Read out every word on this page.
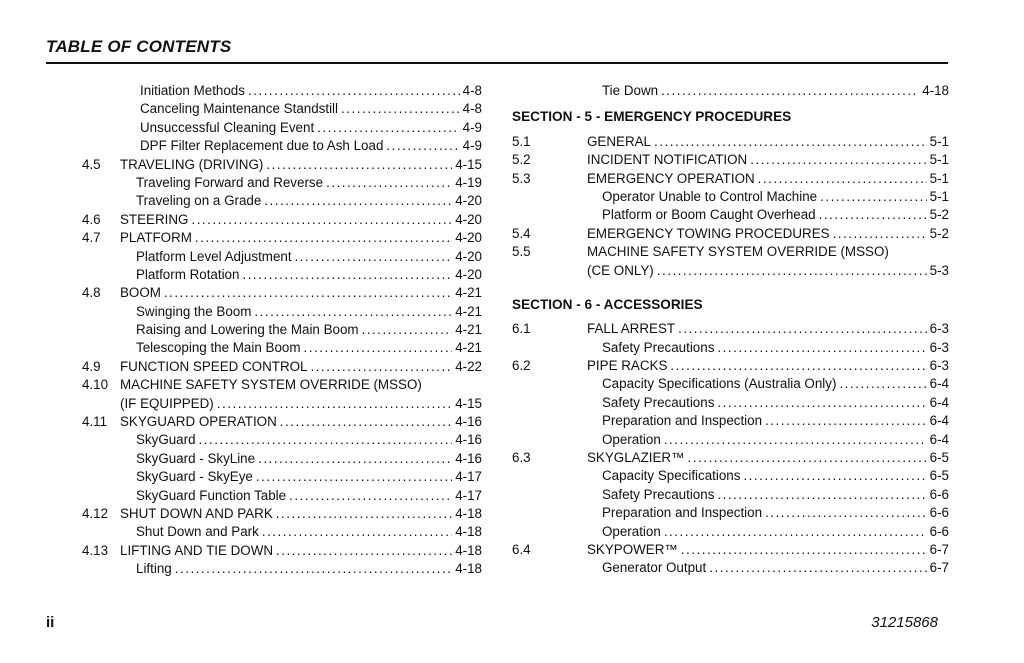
TABLE OF CONTENTS
Initiation Methods . . .	4-8
Canceling Maintenance Standstill . . .	4-8
Unsuccessful Cleaning Event . . .	4-9
DPF Filter Replacement due to Ash Load . . .	4-9
4.5 TRAVELING (DRIVING) . . .	4-15
Traveling Forward and Reverse . . .	4-19
Traveling on a Grade . . .	4-20
4.6 STEERING . . .	4-20
4.7 PLATFORM . . .	4-20
Platform Level Adjustment . . .	4-20
Platform Rotation . . .	4-20
4.8 BOOM . . .	4-21
Swinging the Boom . . .	4-21
Raising and Lowering the Main Boom . . .	4-21
Telescoping the Main Boom . . .	4-21
4.9 FUNCTION SPEED CONTROL . . .	4-22
4.10 MACHINE SAFETY SYSTEM OVERRIDE (MSSO)
(IF EQUIPPED) . . .	4-15
4.11 SKYGUARD OPERATION . . .	4-16
SkyGuard . . .	4-16
SkyGuard - SkyLine . . .	4-16
SkyGuard - SkyEye . . .	4-17
SkyGuard Function Table . . .	4-17
4.12 SHUT DOWN AND PARK . . .	4-18
Shut Down and Park . . .	4-18
4.13 LIFTING AND TIE DOWN . . .	4-18
Lifting . . .	4-18
Tie Down . . .	4-18
SECTION - 5 - EMERGENCY PROCEDURES
5.1	GENERAL . . .	5-1
5.2	INCIDENT NOTIFICATION . . .	5-1
5.3	EMERGENCY OPERATION . . .	5-1
Operator Unable to Control Machine . . .	5-1
Platform or Boom Caught Overhead . . .	5-2
5.4	EMERGENCY TOWING PROCEDURES . . .	5-2
5.5	MACHINE SAFETY SYSTEM OVERRIDE (MSSO)
(CE ONLY) . . .	5-3
SECTION - 6 - ACCESSORIES
6.1	FALL ARREST . . .	6-3
Safety Precautions . . .	6-3
6.2	PIPE RACKS . . .	6-3
Capacity Specifications (Australia Only) . . .	6-4
Safety Precautions . . .	6-4
Preparation and Inspection . . .	6-4
Operation . . .	6-4
6.3	SKYGLAZIER™ . . .	6-5
Capacity Specifications . . .	6-5
Safety Precautions . . .	6-6
Preparation and Inspection . . .	6-6
Operation . . .	6-6
6.4	SKYPOWER™ . . .	6-7
Generator Output . . .	6-7
ii	31215868
